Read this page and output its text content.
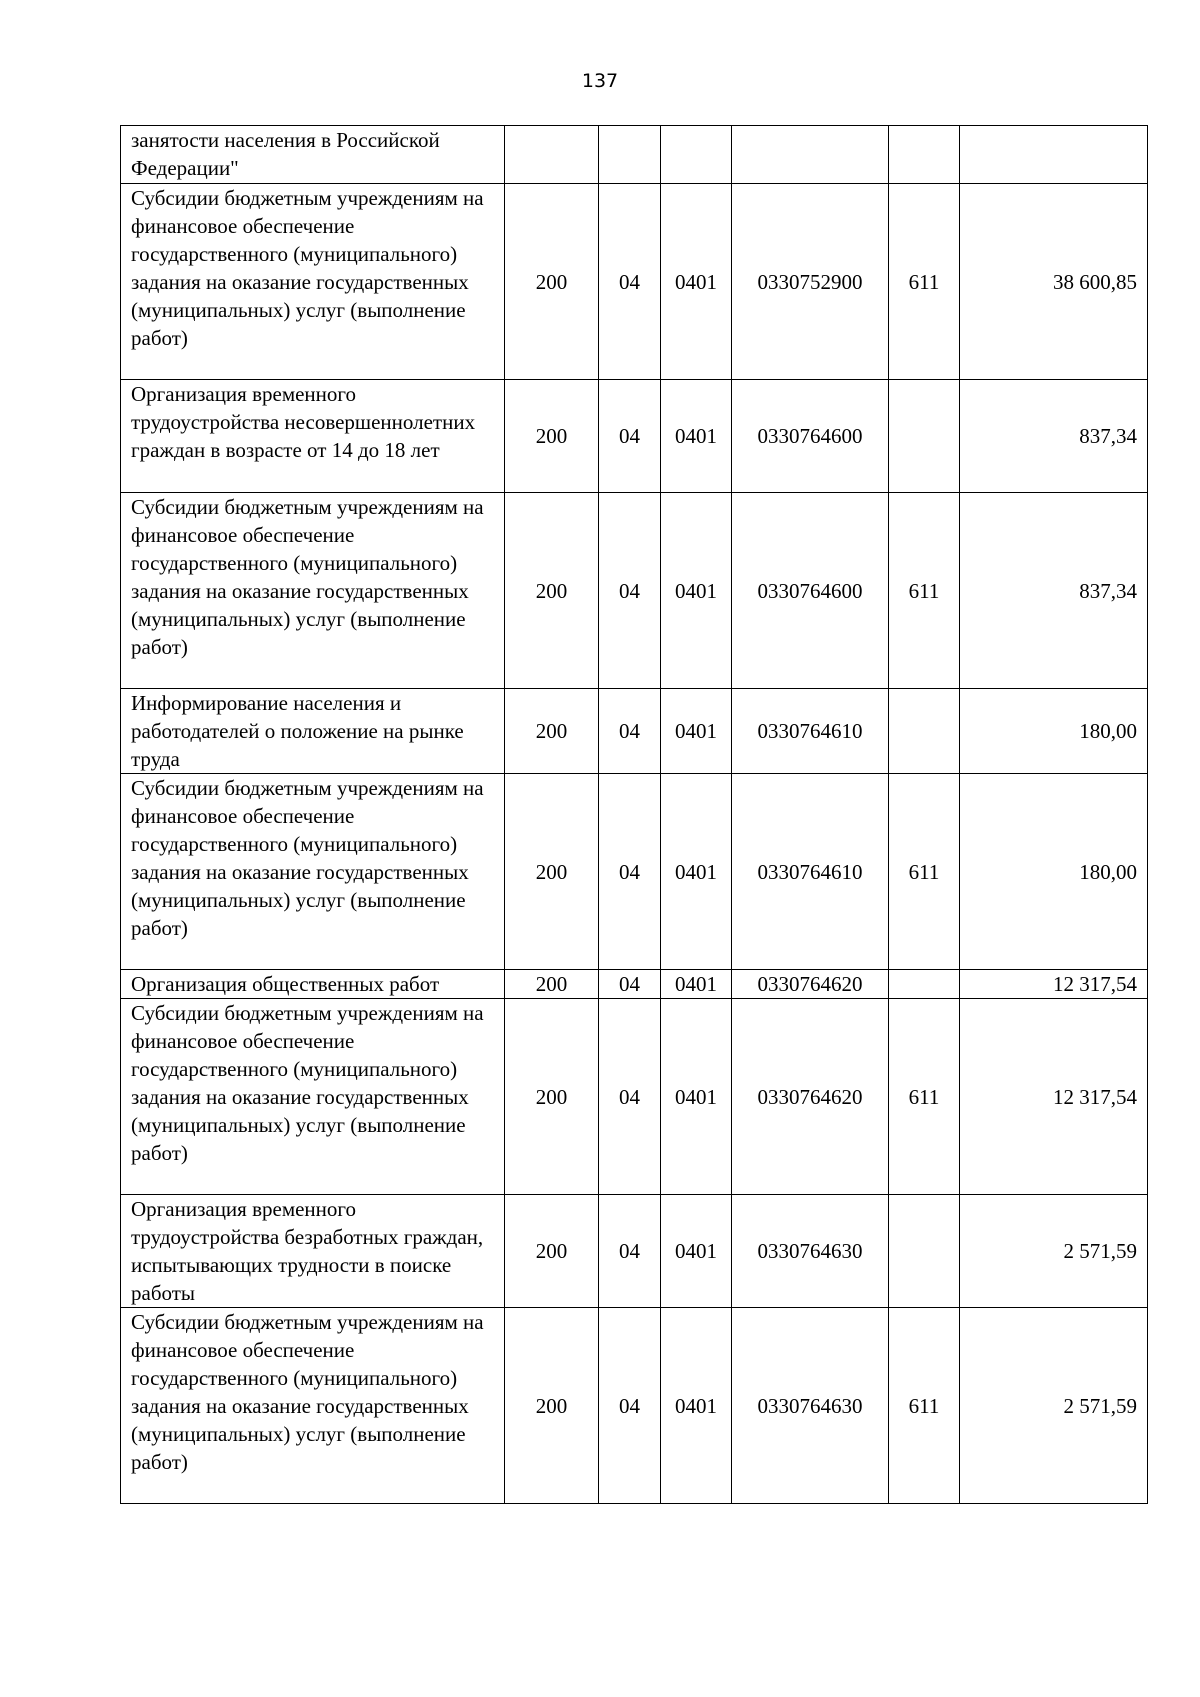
137
занятости населения в Российской Федерации"						
Субсидии бюджетным учреждениям на финансовое обеспечение государственного (муниципального) задания на оказание государственных (муниципальных) услуг (выполнение работ)	200	04	0401	0330752900	611	38 600,85
Организация временного трудоустройства несовершеннолетних граждан в возрасте от 14 до 18 лет	200	04	0401	0330764600		837,34
Субсидии бюджетным учреждениям на финансовое обеспечение государственного (муниципального) задания на оказание государственных (муниципальных) услуг (выполнение работ)	200	04	0401	0330764600	611	837,34
Информирование населения и работодателей о положение на рынке труда	200	04	0401	0330764610		180,00
Субсидии бюджетным учреждениям на финансовое обеспечение государственного (муниципального) задания на оказание государственных (муниципальных) услуг (выполнение работ)	200	04	0401	0330764610	611	180,00
Организация общественных работ	200	04	0401	0330764620		12 317,54
Субсидии бюджетным учреждениям на финансовое обеспечение государственного (муниципального) задания на оказание государственных (муниципальных) услуг (выполнение работ)	200	04	0401	0330764620	611	12 317,54
Организация временного трудоустройства безработных граждан, испытывающих трудности в поиске работы	200	04	0401	0330764630		2 571,59
Субсидии бюджетным учреждениям на финансовое обеспечение государственного (муниципального) задания на оказание государственных (муниципальных) услуг (выполнение работ)	200	04	0401	0330764630	611	2 571,59
